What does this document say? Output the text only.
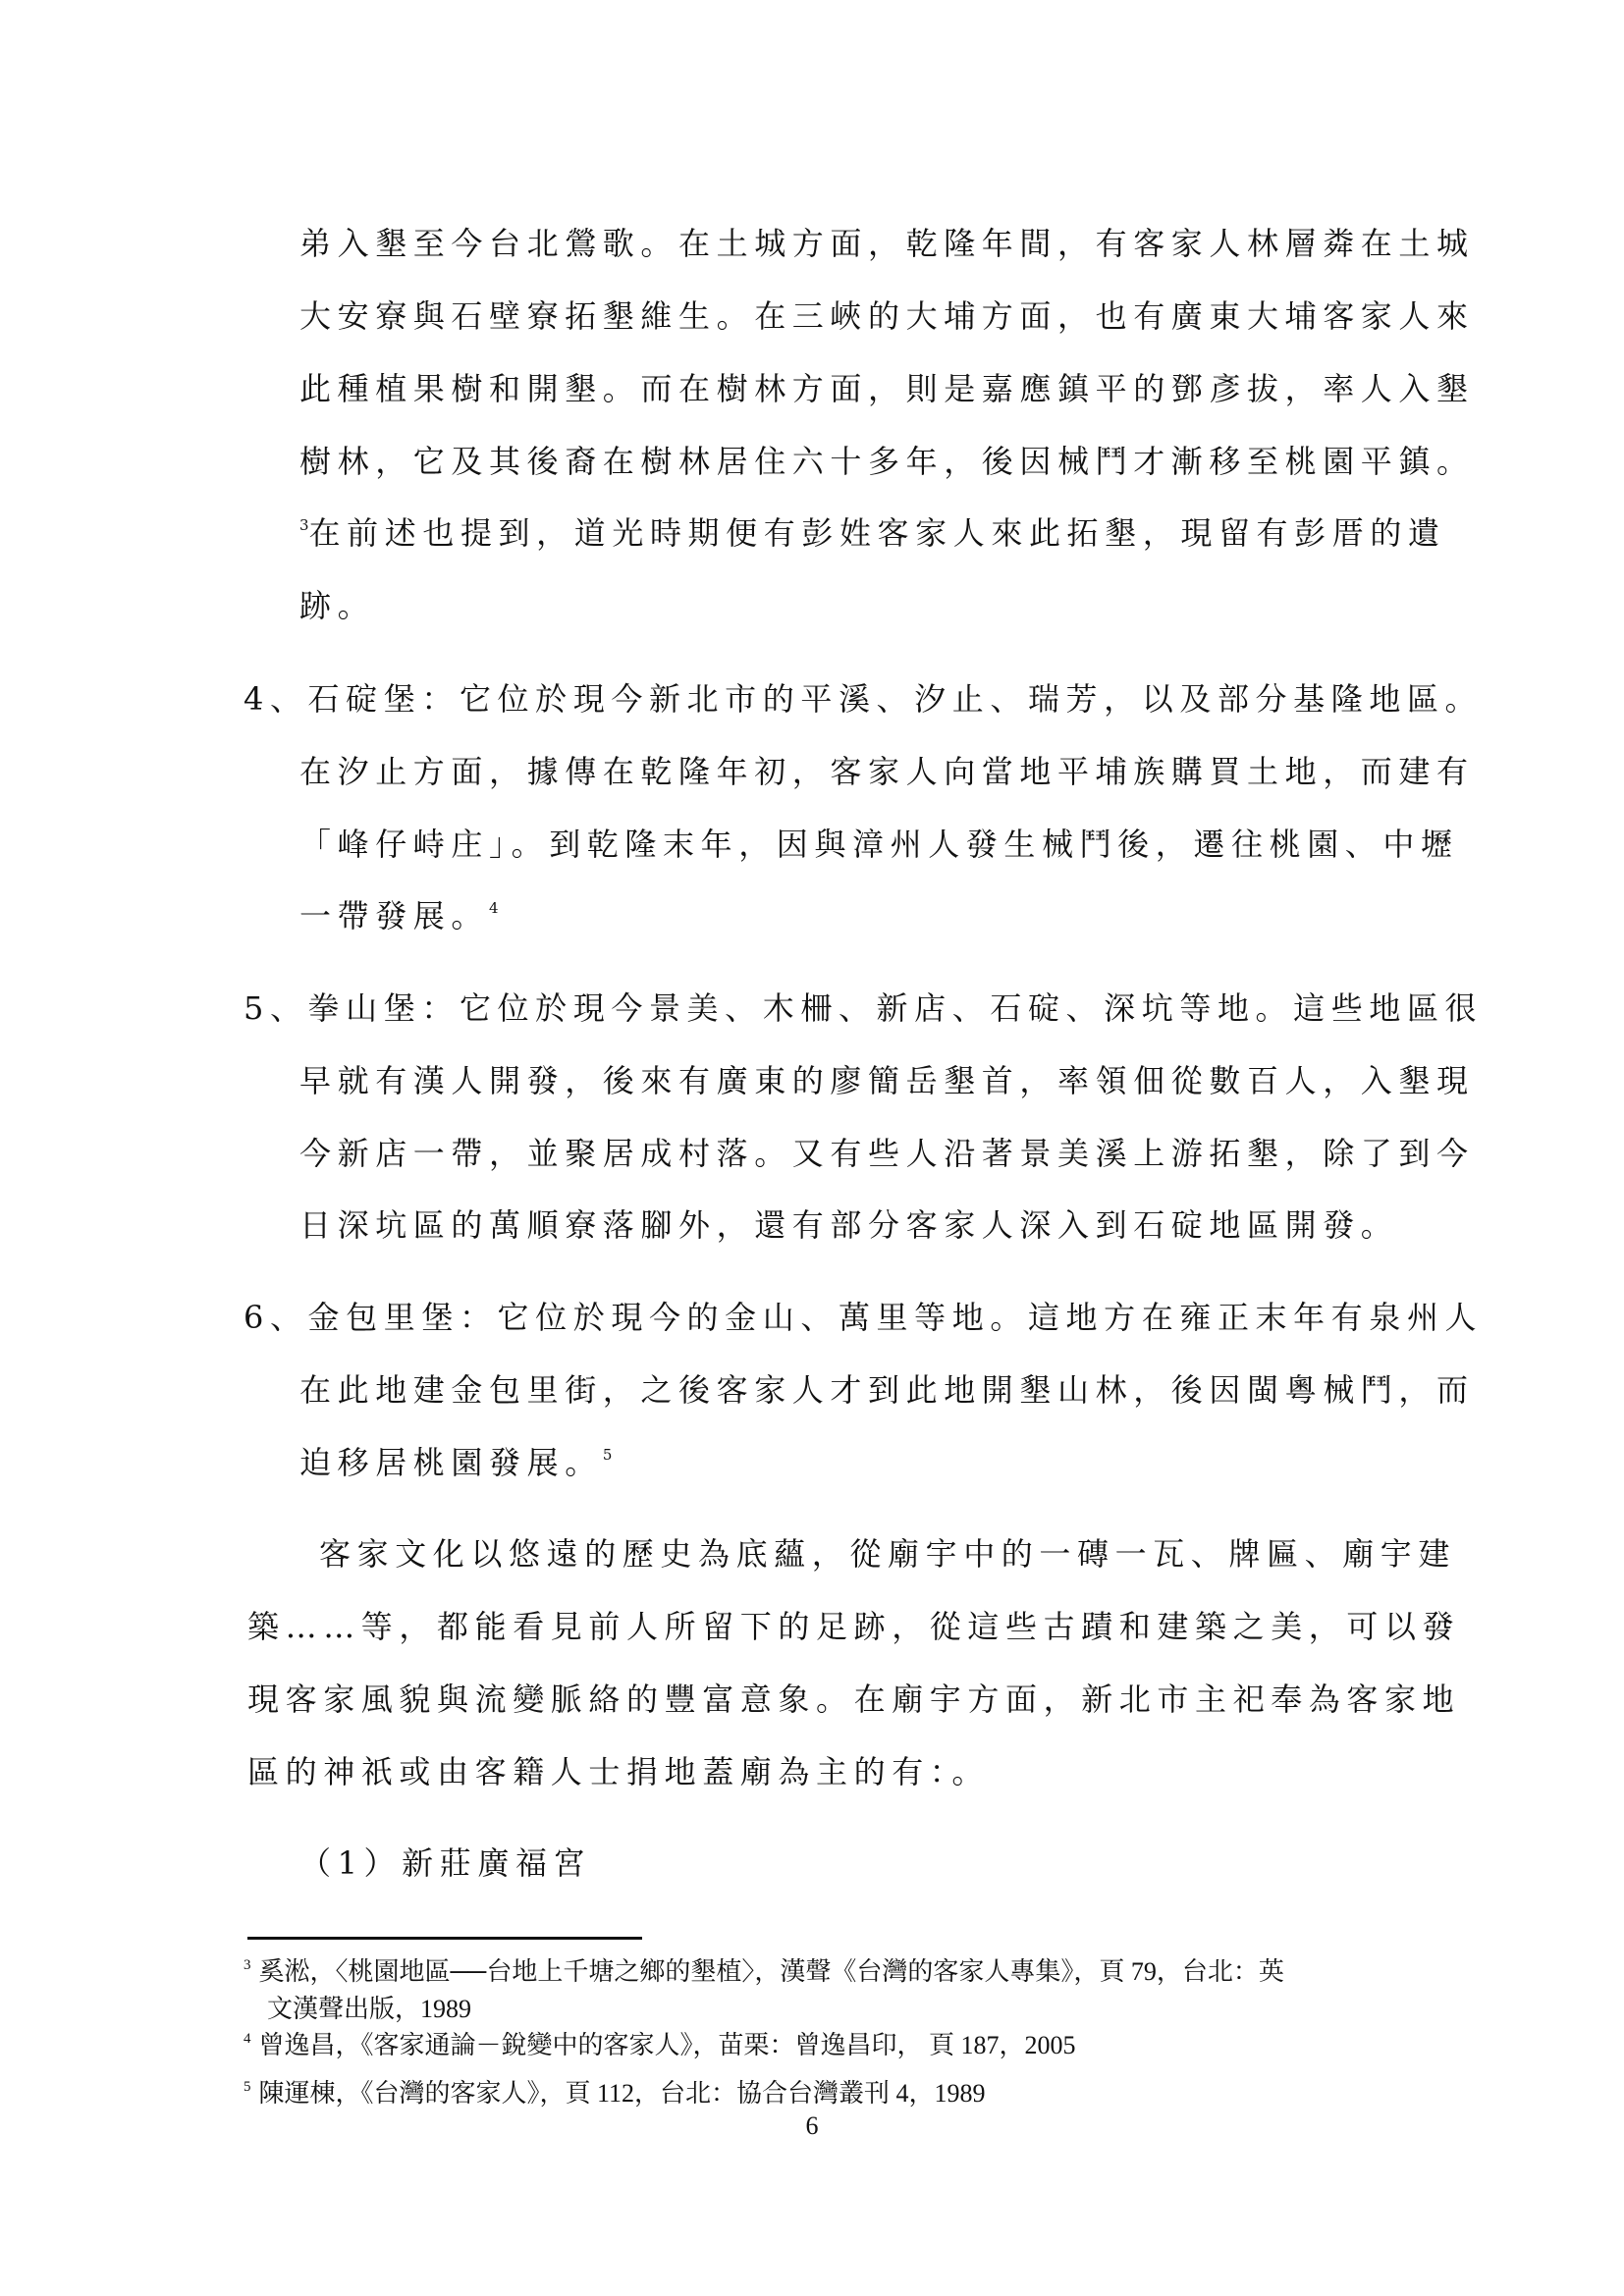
弟入墾至今台北鶯歌。在土城方面，乾隆年間，有客家人林層粦在土城
大安寮與石壁寮拓墾維生。在三峽的大埔方面，也有廣東大埔客家人來
此種植果樹和開墾。而在樹林方面，則是嘉應鎮平的鄧彥拔，率人入墾
樹林，它及其後裔在樹林居住六十多年，後因械鬥才漸移至桃園平鎮。
$^3$在前述也提到，道光時期便有彭姓客家人來此拓墾，現留有彭厝的遺
跡。
4、石碇堡：它位於現今新北市的平溪、汐止、瑞芳，以及部分基隆地區。
在汐止方面，據傳在乾隆年初，客家人向當地平埔族購買土地，而建有
「峰仔峙庄」。到乾隆末年，因與漳州人發生械鬥後，遷往桃園、中壢
一帶發展。$^4$
5、拳山堡：它位於現今景美、木柵、新店、石碇、深坑等地。這些地區很
早就有漢人開發，後來有廣東的廖簡岳墾首，率領佃從數百人，入墾現
今新店一帶，並聚居成村落。又有些人沿著景美溪上游拓墾，除了到今
日深坑區的萬順寮落腳外，還有部分客家人深入到石碇地區開發。
6、金包里堡：它位於現今的金山、萬里等地。這地方在雍正末年有泉州人
在此地建金包里街，之後客家人才到此地開墾山林，後因閩粵械鬥，而
迫移居桃園發展。$^5$
客家文化以悠遠的歷史為底蘊，從廟宇中的一磚一瓦、牌匾、廟宇建
築……等，都能看見前人所留下的足跡，從這些古蹟和建築之美，可以發
現客家風貌與流變脈絡的豐富意象。在廟宇方面，新北市主祀奉為客家地
區的神祇或由客籍人士捐地蓋廟為主的有：。
（1）新莊廣福宮
$^3$ 奚淞，〈桃園地區──台地上千塘之鄉的墾植〉，漢聲《台灣的客家人專集》，頁 79，台北：英
文漢聲出版，1989
$^4$ 曾逸昌，《客家通論－銳變中的客家人》，苗栗：曾逸昌印， 頁 187，2005
$^5$ 陳運棟，《台灣的客家人》，頁 112，台北：協合台灣叢刊 4，1989
6
